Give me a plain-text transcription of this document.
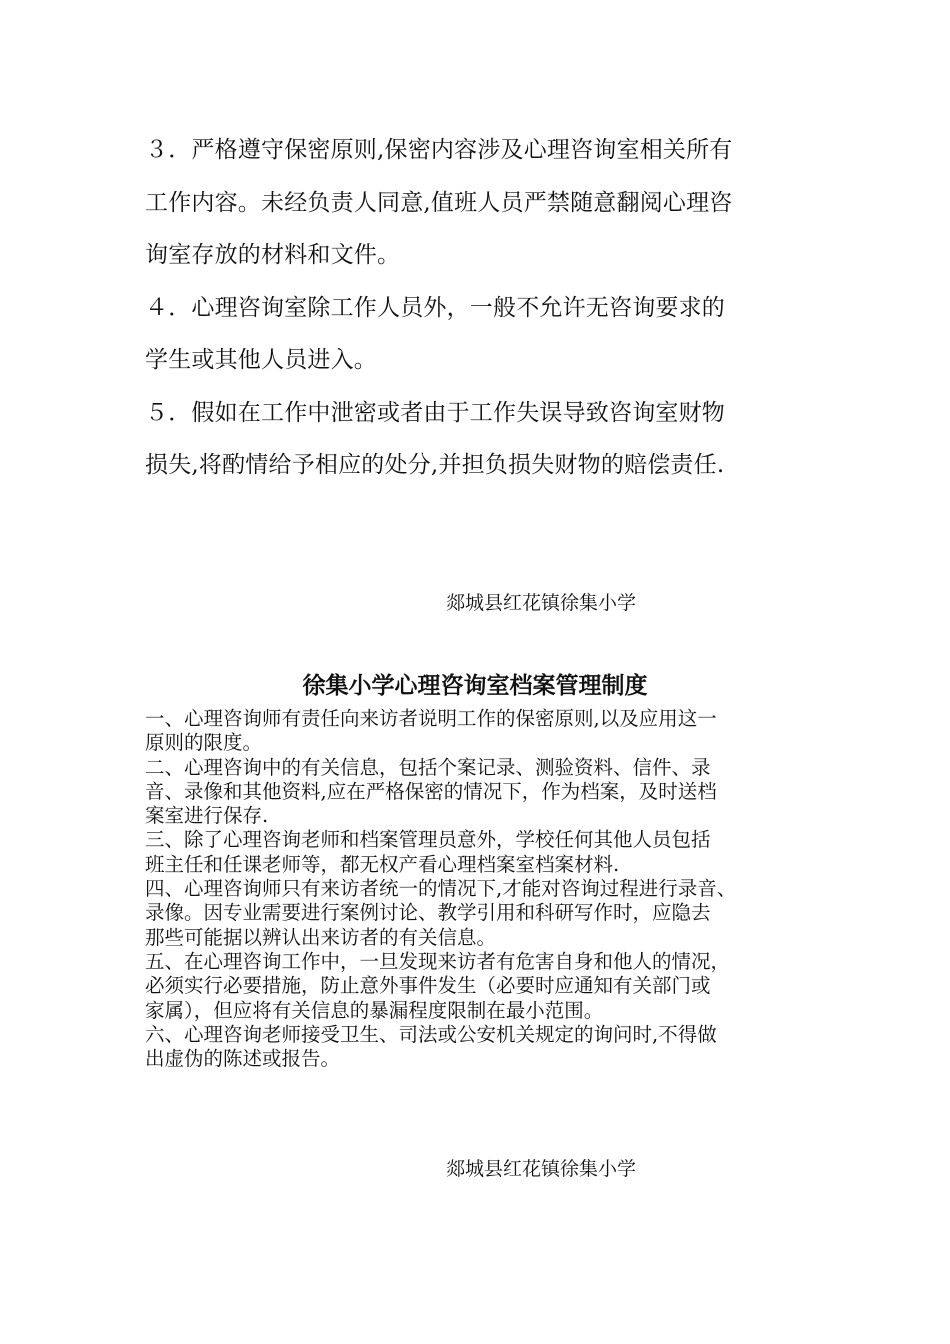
３．严格遵守保密原则,保密内容涉及心理咨询室相关所有
工作内容。未经负责人同意,值班人员严禁随意翻阅心理咨
询室存放的材料和文件。
４．心理咨询室除工作人员外，一般不允许无咨询要求的
学生或其他人员进入。
５．假如在工作中泄密或者由于工作失误导致咨询室财物
损失,将酌情给予相应的处分,并担负损失财物的赔偿责任.
郯城县红花镇徐集小学
徐集小学心理咨询室档案管理制度
一、心理咨询师有责任向来访者说明工作的保密原则,以及应用这一
原则的限度。
二、心理咨询中的有关信息，包括个案记录、测验资料、信件、录
音、录像和其他资料,应在严格保密的情况下，作为档案，及时送档
案室进行保存.
三、除了心理咨询老师和档案管理员意外，学校任何其他人员包括
班主任和任课老师等，都无权产看心理档案室档案材料.
四、心理咨询师只有来访者统一的情况下,才能对咨询过程进行录音、
录像。因专业需要进行案例讨论、教学引用和科研写作时，应隐去
那些可能据以辨认出来访者的有关信息。
五、在心理咨询工作中，一旦发现来访者有危害自身和他人的情况，
必须实行必要措施，防止意外事件发生（必要时应通知有关部门或
家属），但应将有关信息的暴漏程度限制在最小范围。
六、心理咨询老师接受卫生、司法或公安机关规定的询问时,不得做
出虚伪的陈述或报告。
郯城县红花镇徐集小学
